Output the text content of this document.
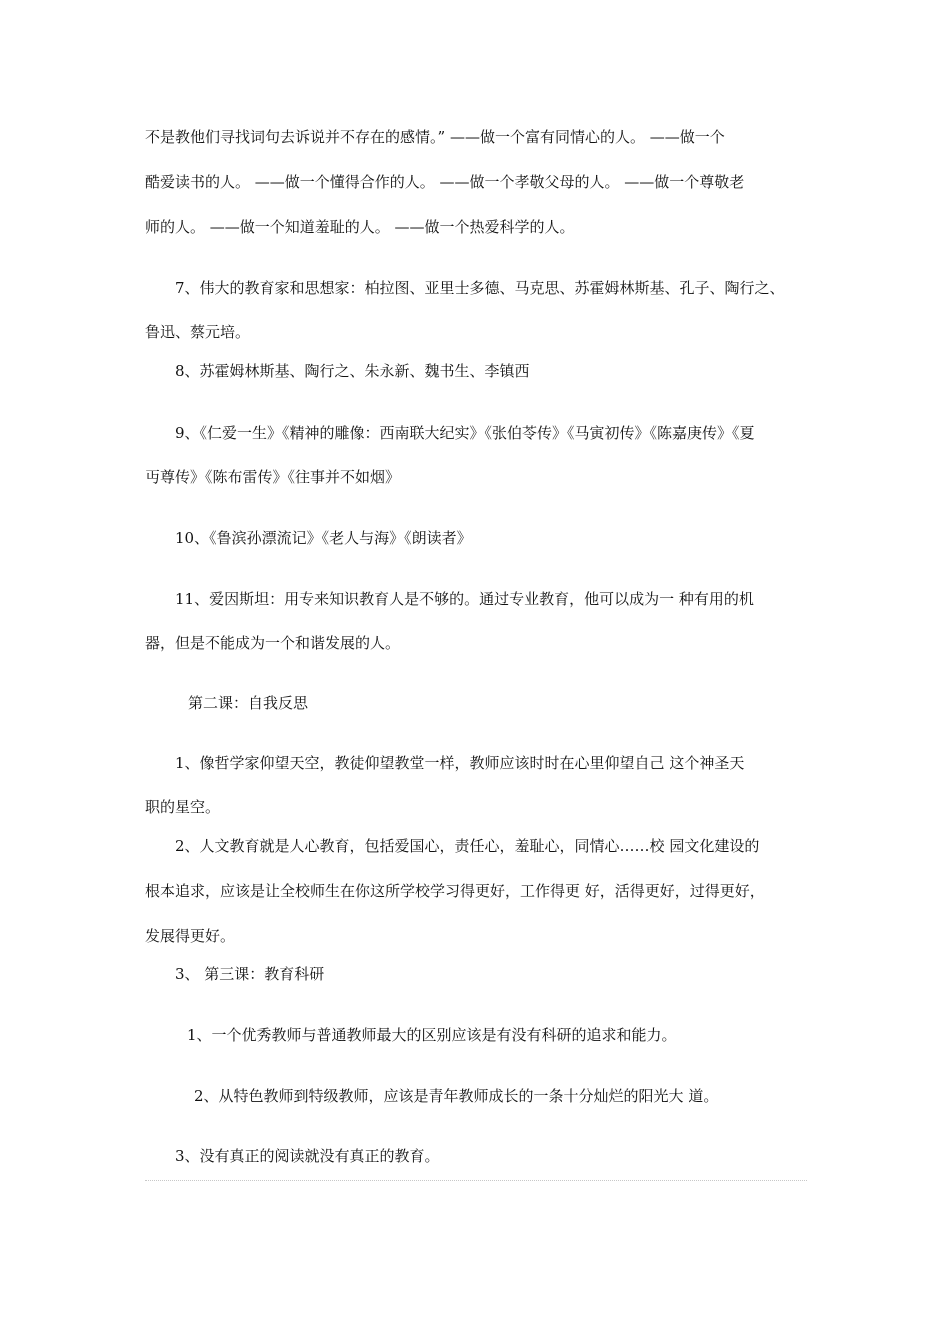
不是教他们寻找词句去诉说并不存在的感情。” ——做一个富有同情心的人。 ——做一个
酷爱读书的人。 ——做一个懂得合作的人。 ——做一个孝敬父母的人。 ——做一个尊敬老
师的人。 ——做一个知道羞耻的人。 ——做一个热爱科学的人。
7、伟大的教育家和思想家：柏拉图、亚里士多德、马克思、苏霍姆林斯基、孔子、陶行之、
鲁迅、蔡元培。
8、苏霍姆林斯基、陶行之、朱永新、魏书生、李镇西
9、《仁爱一生》《精神的雕像：西南联大纪实》《张伯苓传》《马寅初传》《陈嘉庚传》《夏
丏尊传》《陈布雷传》《往事并不如烟》
10、《鲁滨孙漂流记》《老人与海》《朗读者》
11、爱因斯坦：用专来知识教育人是不够的。通过专业教育，他可以成为一 种有用的机
器，但是不能成为一个和谐发展的人。
第二课：自我反思
1、像哲学家仰望天空，教徒仰望教堂一样，教师应该时时在心里仰望自己 这个神圣天
职的星空。
2、人文教育就是人心教育，包括爱国心，责任心，羞耻心，同情心……校 园文化建设的
根本追求，应该是让全校师生在你这所学校学习得更好，工作得更 好，活得更好，过得更好，
发展得更好。
3、 第三课：教育科研
1、一个优秀教师与普通教师最大的区别应该是有没有科研的追求和能力。
2、从特色教师到特级教师，应该是青年教师成长的一条十分灿烂的阳光大 道。
3、没有真正的阅读就没有真正的教育。
